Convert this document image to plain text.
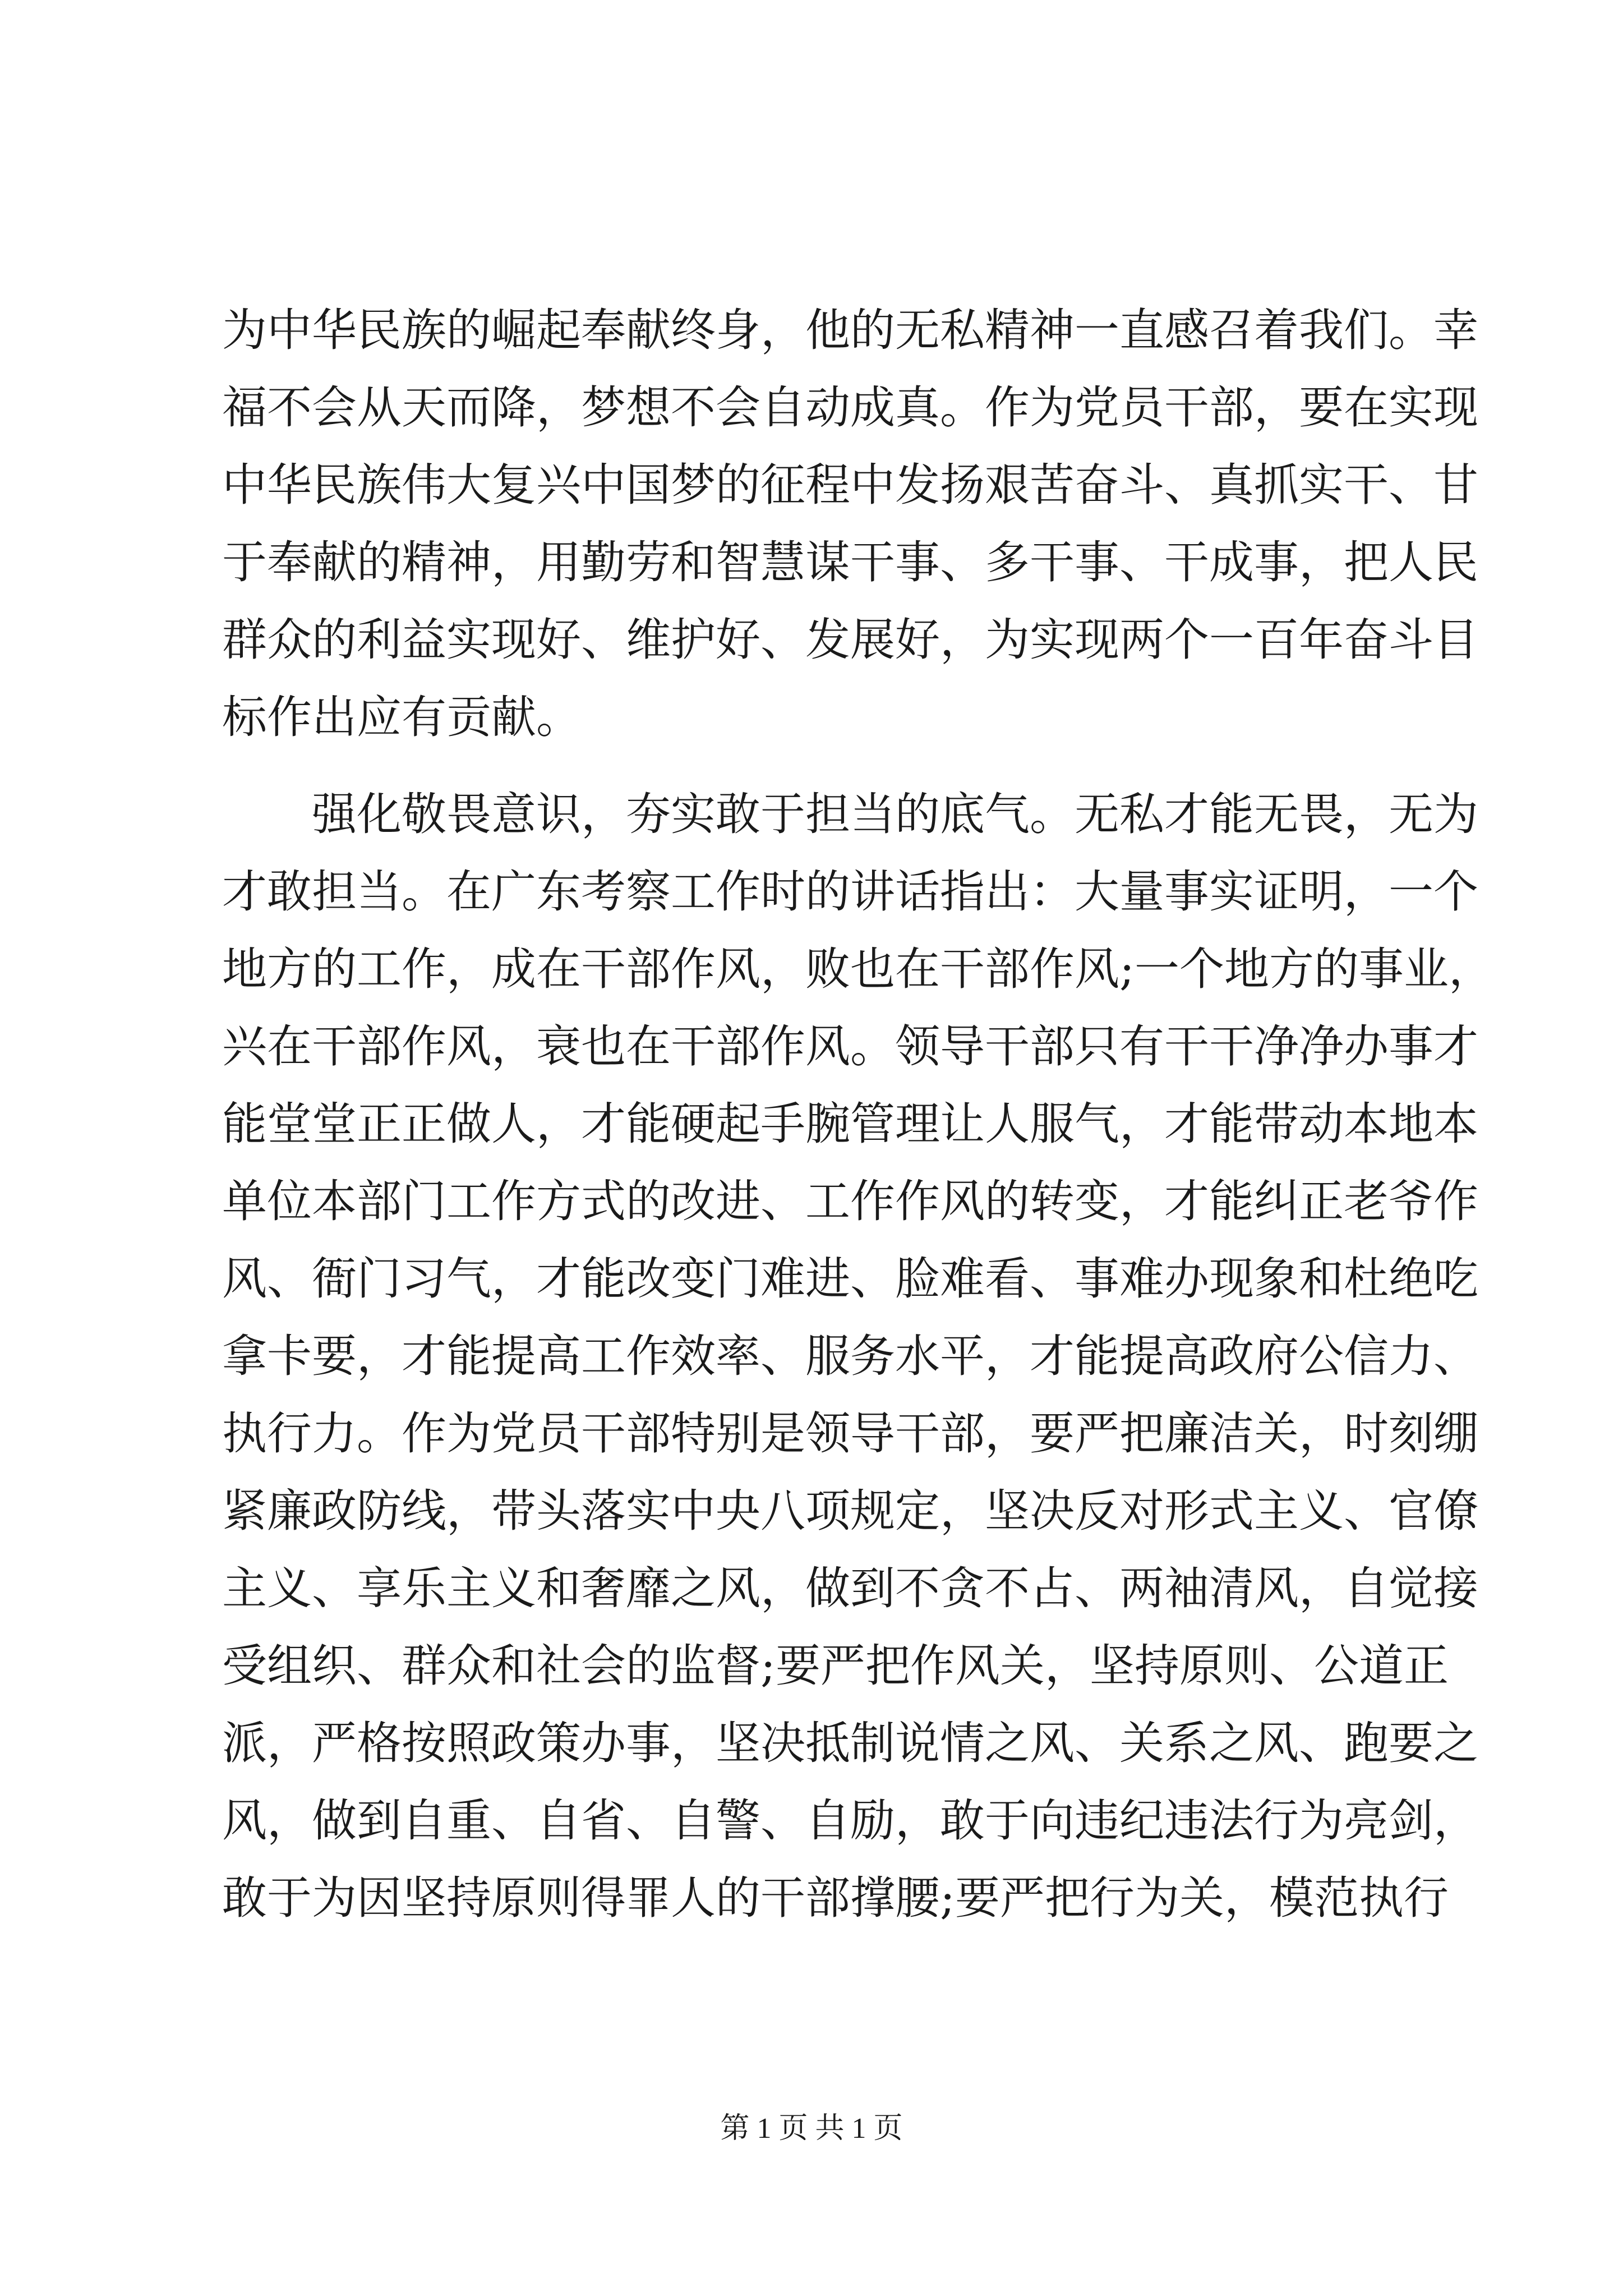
为中华民族的崛起奉献终身，他的无私精神一直感召着我们。幸
福不会从天而降，梦想不会自动成真。作为党员干部，要在实现
中华民族伟大复兴中国梦的征程中发扬艰苦奋斗、真抓实干、甘
于奉献的精神，用勤劳和智慧谋干事、多干事、干成事，把人民
群众的利益实现好、维护好、发展好，为实现两个一百年奋斗目
标作出应有贡献。
强化敬畏意识，夯实敢于担当的底气。无私才能无畏，无为
才敢担当。在广东考察工作时的讲话指出：大量事实证明，一个
地方的工作，成在干部作风，败也在干部作风;一个地方的事业，
兴在干部作风，衰也在干部作风。领导干部只有干干净净办事才
能堂堂正正做人，才能硬起手腕管理让人服气，才能带动本地本
单位本部门工作方式的改进、工作作风的转变，才能纠正老爷作
风、衙门习气，才能改变门难进、脸难看、事难办现象和杜绝吃
拿卡要，才能提高工作效率、服务水平，才能提高政府公信力、
执行力。作为党员干部特别是领导干部，要严把廉洁关，时刻绷
紧廉政防线，带头落实中央八项规定，坚决反对形式主义、官僚
主义、享乐主义和奢靡之风，做到不贪不占、两袖清风，自觉接
受组织、群众和社会的监督;要严把作风关，坚持原则、公道正
派，严格按照政策办事，坚决抵制说情之风、关系之风、跑要之
风，做到自重、自省、自警、自励，敢于向违纪违法行为亮剑，
敢于为因坚持原则得罪人的干部撑腰;要严把行为关，模范执行
第 1 页 共 1 页
